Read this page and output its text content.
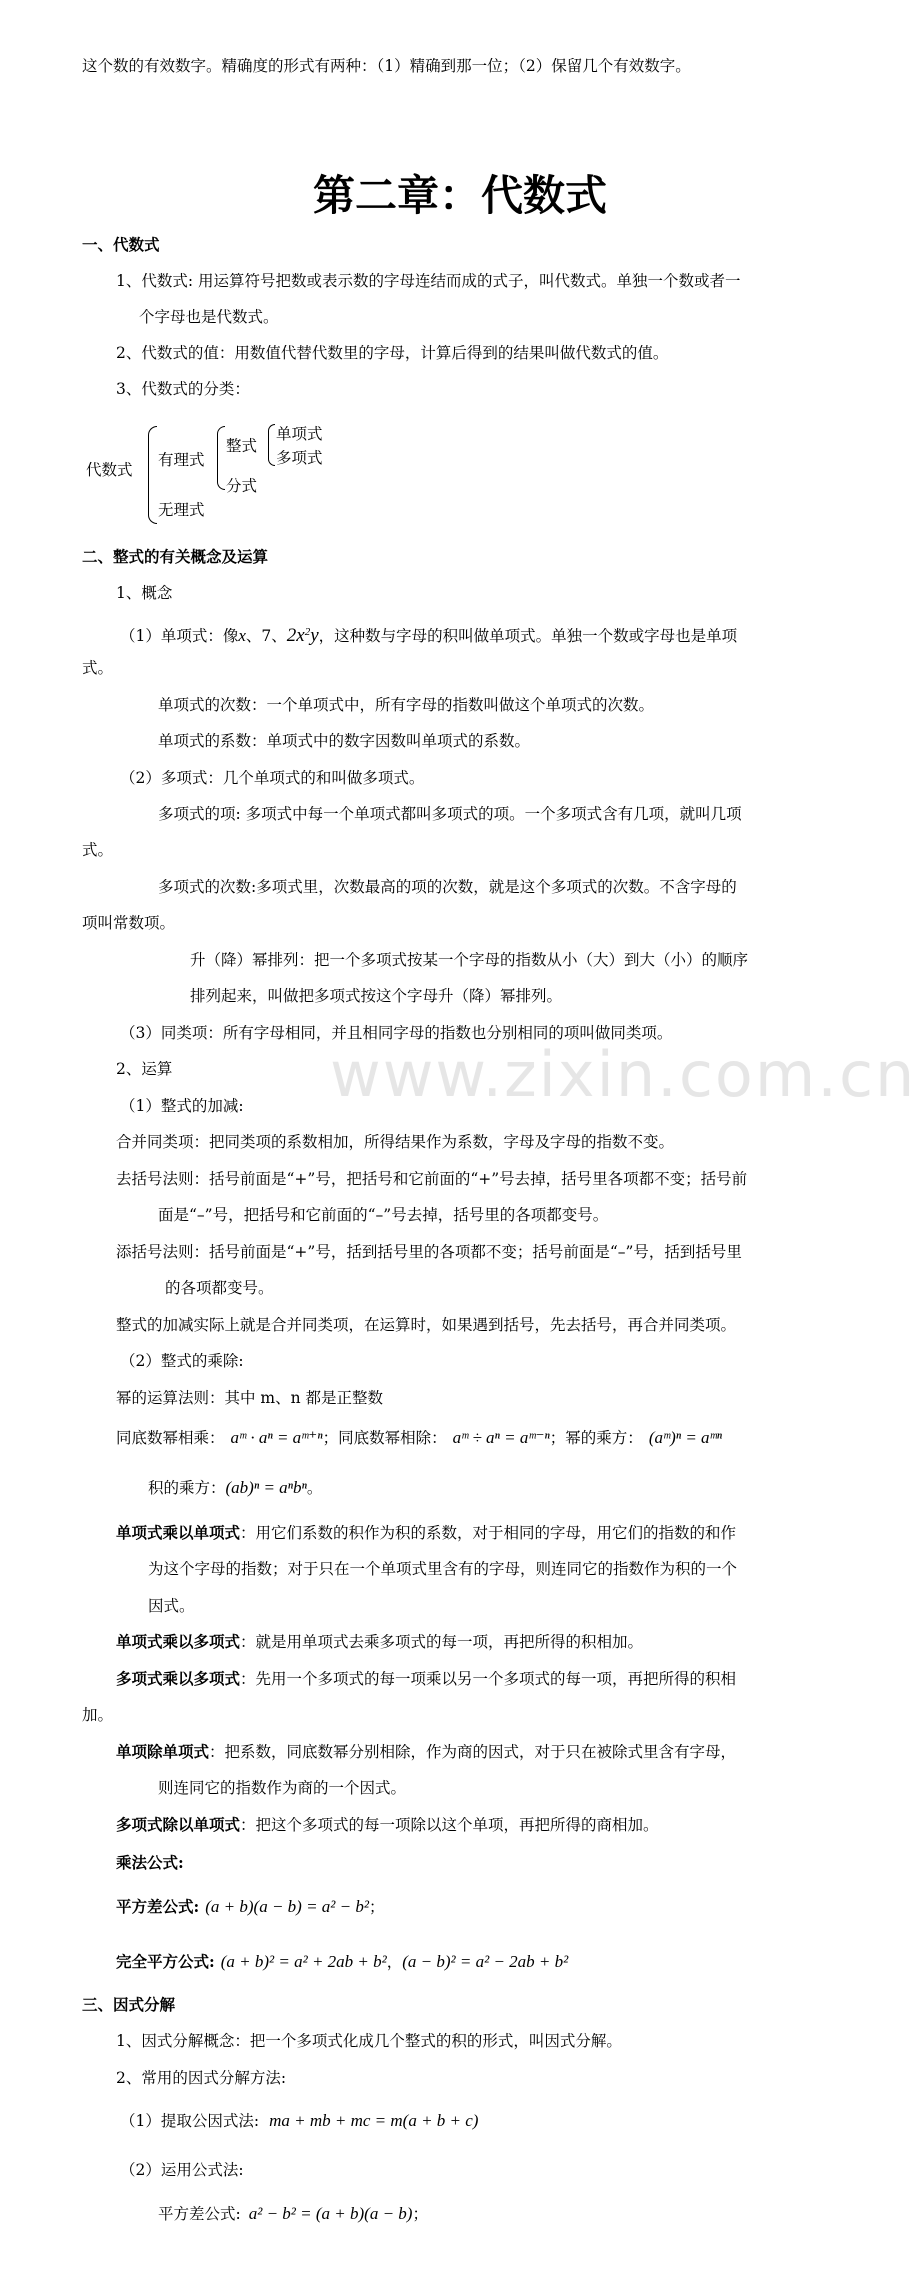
这个数的有效数字。精确度的形式有两种：（1）精确到那一位；（2）保留几个有效数字。
第二章：代数式
一、代数式
1、代数式: 用运算符号把数或表示数的字母连结而成的式子，叫代数式。单独一个数或者一
个字母也是代数式。
2、代数式的值：用数值代替代数里的字母，计算后得到的结果叫做代数式的值。
3、代数式的分类：
代数式
有理式
无理式
整式
分式
单项式
多项式
二、整式的有关概念及运算
1、概念
（1）单项式：像x、7、$2x^2y$，这种数与字母的积叫做单项式。单独一个数或字母也是单项
式。
单项式的次数：一个单项式中，所有字母的指数叫做这个单项式的次数。
单项式的系数：单项式中的数字因数叫单项式的系数。
（2）多项式：几个单项式的和叫做多项式。
多项式的项: 多项式中每一个单项式都叫多项式的项。一个多项式含有几项，就叫几项
式。
多项式的次数:多项式里，次数最高的项的次数，就是这个多项式的次数。不含字母的
项叫常数项。
升（降）幂排列：把一个多项式按某一个字母的指数从小（大）到大（小）的顺序
排列起来，叫做把多项式按这个字母升（降）幂排列。
（3）同类项：所有字母相同，并且相同字母的指数也分别相同的项叫做同类项。
2、运算
（1）整式的加减:
合并同类项：把同类项的系数相加，所得结果作为系数，字母及字母的指数不变。
去括号法则：括号前面是“+”号，把括号和它前面的“+”号去掉，括号里各项都不变；括号前
面是“–”号，把括号和它前面的“–”号去掉，括号里的各项都变号。
添括号法则：括号前面是“+”号，括到括号里的各项都不变；括号前面是“–”号，括到括号里
的各项都变号。
整式的加减实际上就是合并同类项，在运算时，如果遇到括号，先去括号，再合并同类项。
（2）整式的乘除:
幂的运算法则：其中 m、n 都是正整数
同底数幂相乘： aᵐ · aⁿ = aᵐ⁺ⁿ；同底数幂相除： aᵐ ÷ aⁿ = aᵐ⁻ⁿ；幂的乘方： (aᵐ)ⁿ = aᵐⁿ
积的乘方：(ab)ⁿ = aⁿbⁿ。
单项式乘以单项式：用它们系数的积作为积的系数，对于相同的字母，用它们的指数的和作
为这个字母的指数；对于只在一个单项式里含有的字母，则连同它的指数作为积的一个
因式。
单项式乘以多项式：就是用单项式去乘多项式的每一项，再把所得的积相加。
多项式乘以多项式：先用一个多项式的每一项乘以另一个多项式的每一项，再把所得的积相
加。
单项除单项式：把系数，同底数幂分别相除，作为商的因式，对于只在被除式里含有字母，
则连同它的指数作为商的一个因式。
多项式除以单项式：把这个多项式的每一项除以这个单项，再把所得的商相加。
乘法公式:
平方差公式: (a + b)(a − b) = a² − b²；
完全平方公式: (a + b)² = a² + 2ab + b²，(a − b)² = a² − 2ab + b²
三、因式分解
1、因式分解概念：把一个多项式化成几个整式的积的形式，叫因式分解。
2、常用的因式分解方法:
（1）提取公因式法: ma + mb + mc = m(a + b + c)
（2）运用公式法:
平方差公式: a² − b² = (a + b)(a − b)；
www.zixin.com.cn
